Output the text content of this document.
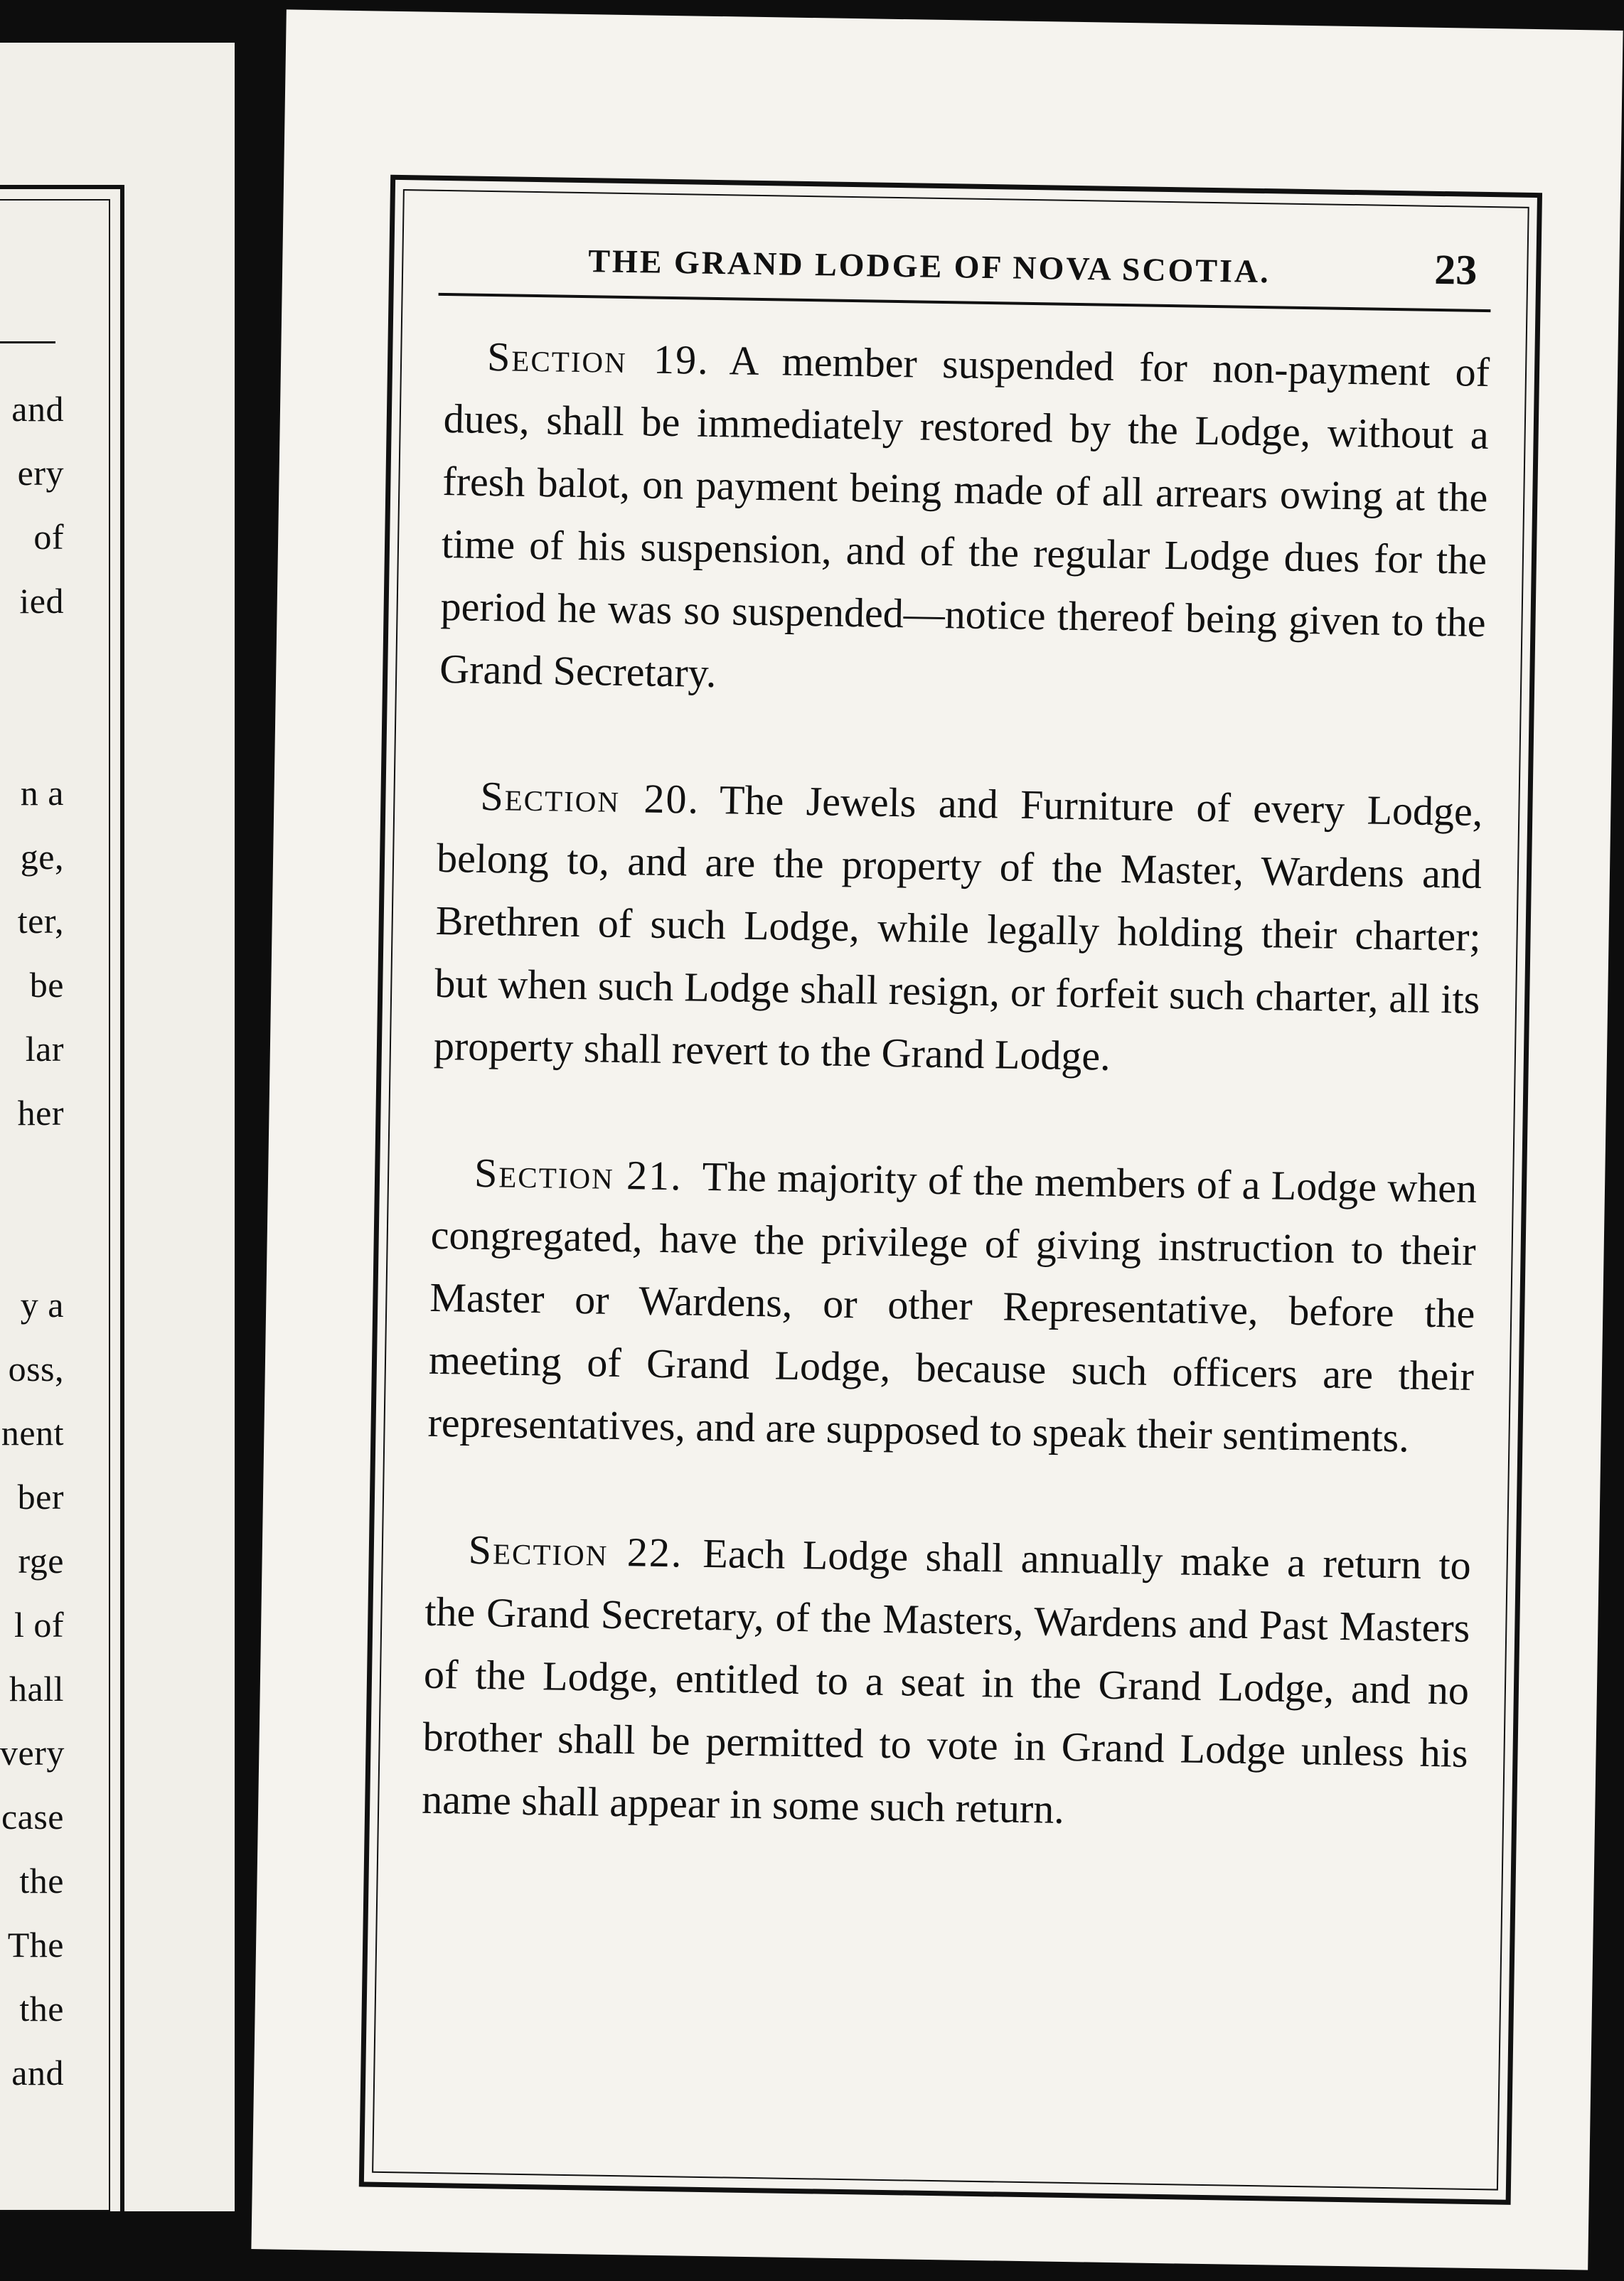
and
ery
of
ied
n a
ge,
ter,
be
lar
her
y a
oss,
nent
ber
rge
l of
hall
very
case
the
The
the
and
THE GRAND LODGE OF NOVA SCOTIA.	23

Section 19. A member suspended for non-payment of dues, shall be immediately restored by the Lodge, without a fresh balot, on payment being made of all arrears owing at the time of his suspension, and of the regular Lodge dues for the period he was so suspended—notice thereof being given to the Grand Secretary.

Section 20. The Jewels and Furniture of every Lodge, belong to, and are the property of the Master, Wardens and Brethren of such Lodge, while legally holding their charter; but when such Lodge shall resign, or forfeit such charter, all its property shall revert to the Grand Lodge.

Section 21. The majority of the members of a Lodge when congregated, have the privilege of giving instruction to their Master or Wardens, or other Representative, before the meeting of Grand Lodge, because such officers are their representatives, and are supposed to speak their sentiments.

Section 22. Each Lodge shall annually make a return to the Grand Secretary, of the Masters, Wardens and Past Masters of the Lodge, entitled to a seat in the Grand Lodge, and no brother shall be permitted to vote in Grand Lodge unless his name shall appear in some such return.
